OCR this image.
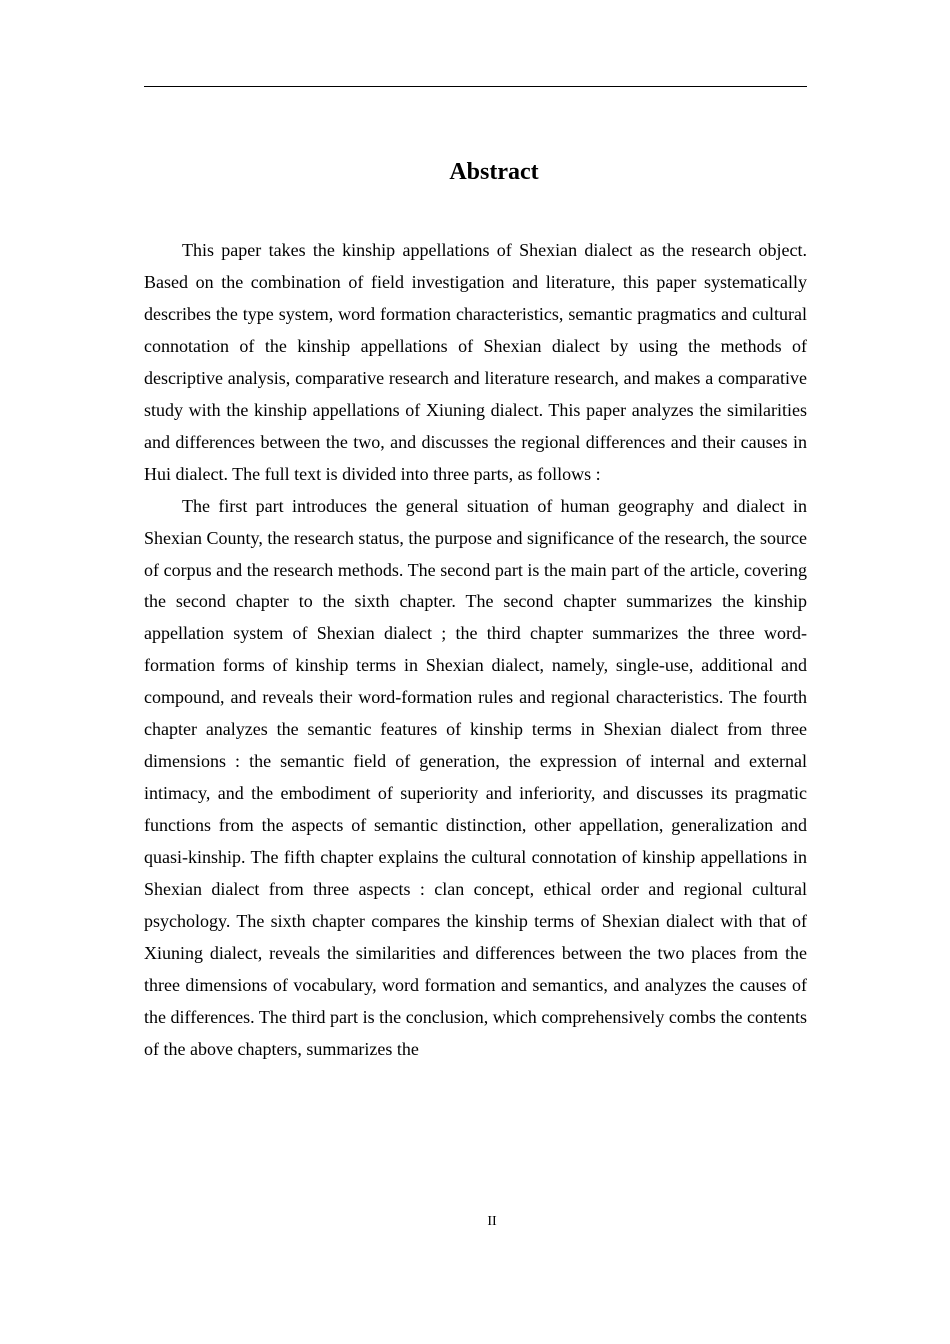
Abstract

This paper takes the kinship appellations of Shexian dialect as the research object. Based on the combination of field investigation and literature, this paper systematically describes the type system, word formation characteristics, semantic pragmatics and cultural connotation of the kinship appellations of Shexian dialect by using the methods of descriptive analysis, comparative research and literature research, and makes a comparative study with the kinship appellations of Xiuning dialect. This paper analyzes the similarities and differences between the two, and discusses the regional differences and their causes in Hui dialect. The full text is divided into three parts, as follows :

The first part introduces the general situation of human geography and dialect in Shexian County, the research status, the purpose and significance of the research, the source of corpus and the research methods. The second part is the main part of the article, covering the second chapter to the sixth chapter. The second chapter summarizes the kinship appellation system of Shexian dialect ; the third chapter summarizes the three word-formation forms of kinship terms in Shexian dialect, namely, single-use, additional and compound, and reveals their word-formation rules and regional characteristics. The fourth chapter analyzes the semantic features of kinship terms in Shexian dialect from three dimensions : the semantic field of generation, the expression of internal and external intimacy, and the embodiment of superiority and inferiority, and discusses its pragmatic functions from the aspects of semantic distinction, other appellation, generalization and quasi-kinship. The fifth chapter explains the cultural connotation of kinship appellations in Shexian dialect from three aspects : clan concept, ethical order and regional cultural psychology. The sixth chapter compares the kinship terms of Shexian dialect with that of Xiuning dialect, reveals the similarities and differences between the two places from the three dimensions of vocabulary, word formation and semantics, and analyzes the causes of the differences. The third part is the conclusion, which comprehensively combs the contents of the above chapters, summarizes the

II
